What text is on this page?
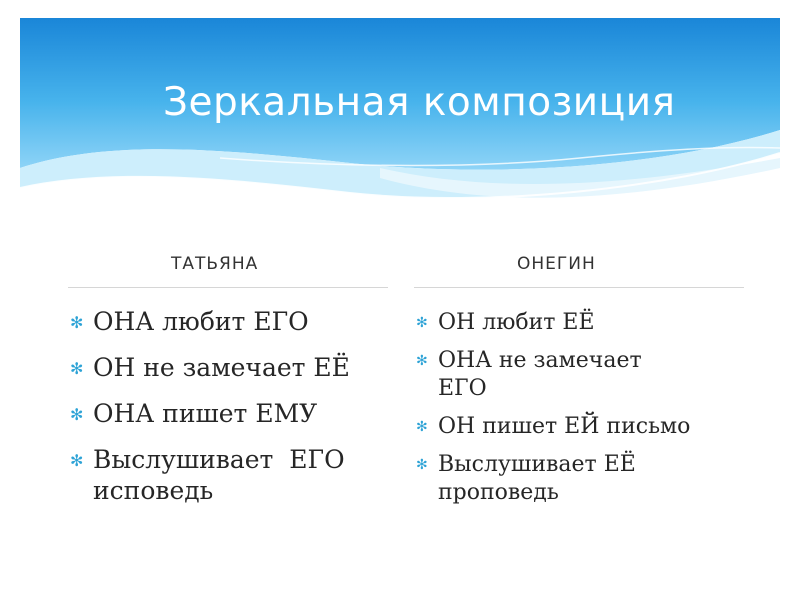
Зеркальная композиция
ТАТЬЯНА	ОНЕГИН
✻ ОНА любит ЕГО
✻ ОН не замечает ЕЁ
✻ ОНА пишет ЕМУ
✻ Выслушивает  ЕГО исповедь
✻ ОН любит ЕЁ
✻ ОНА не замечает ЕГО
✻ ОН пишет ЕЙ письмо
✻ Выслушивает ЕЁ проповедь
